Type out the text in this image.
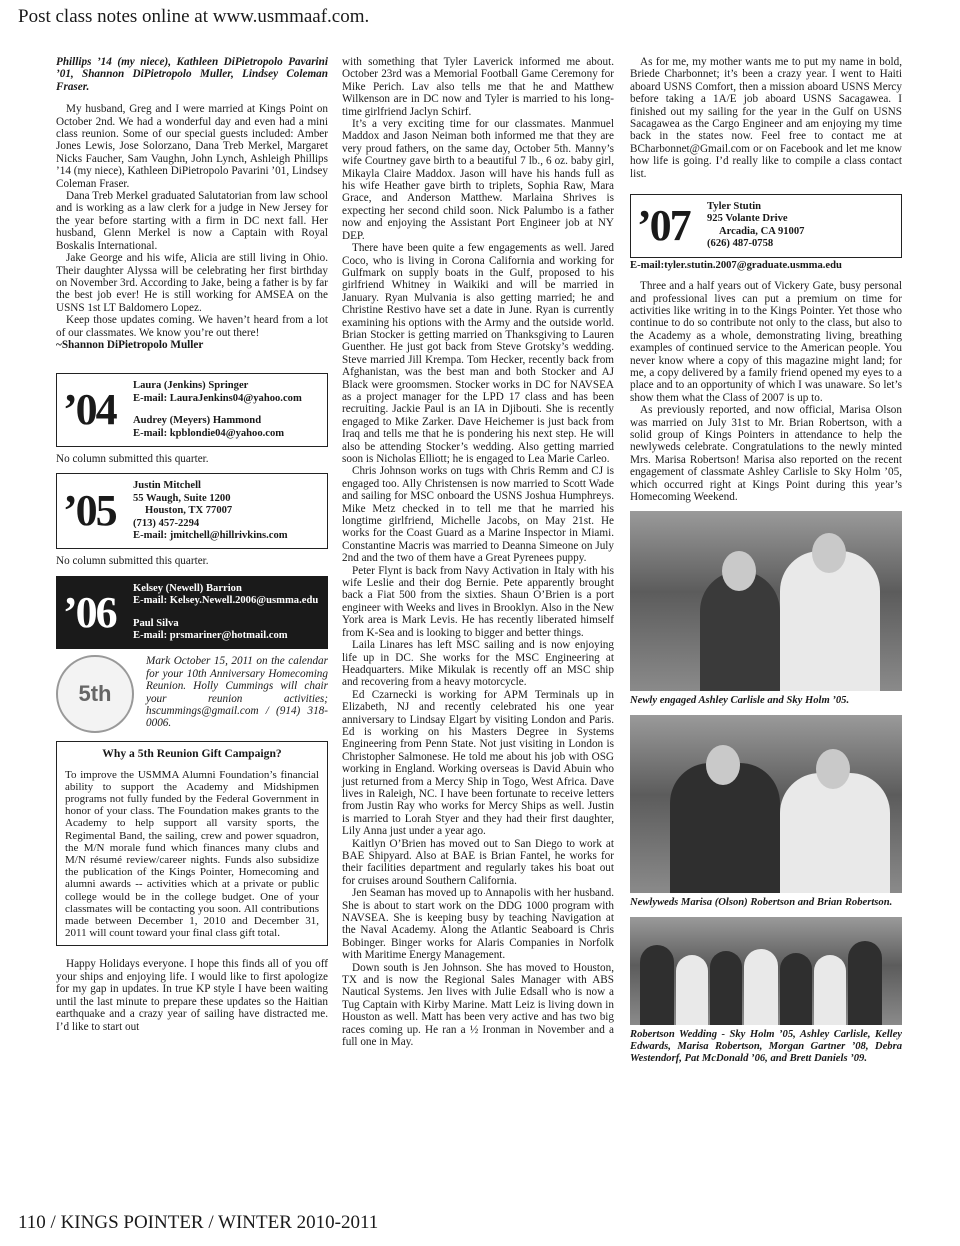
Post class notes online at www.usmmaaf.com.

Phillips ’14 (my niece), Kathleen DiPietropolo Pavarini ’01, Shannon DiPietropolo Muller, Lindsey Coleman Fraser.

My husband, Greg and I were married at Kings Point on October 2nd. We had a wonderful day and even had a mini class reunion. Some of our special guests included: Amber Jones Lewis, Jose Solorzano, Dana Treb Merkel, Margaret Nicks Faucher, Sam Vaughn, John Lynch, Ashleigh Phillips ’14 (my niece), Kathleen DiPietropolo Pavarini ’01, Lindsey Coleman Fraser.

Dana Treb Merkel graduated Salutatorian from law school and is working as a law clerk for a judge in New Jersey for the year before starting with a firm in DC next fall. Her husband, Glenn Merkel is now a Captain with Royal Boskalis International.

Jake George and his wife, Alicia are still living in Ohio. Their daughter Alyssa will be celebrating her first birthday on November 3rd. According to Jake, being a father is by far the best job ever! He is still working for AMSEA on the USNS 1st LT Baldomero Lopez.

Keep those updates coming. We haven’t heard from a lot of our classmates. We know you’re out there!

~Shannon DiPietropolo Muller

’04	Laura (Jenkins) Springer
E-mail: LauraJenkins04@yahoo.com
Audrey (Meyers) Hammond
E-mail: kpblondie04@yahoo.com
No column submitted this quarter.
’05
Justin Mitchell
55 Waugh, Suite 1200
Houston, TX 77007
(713) 457-2294
E-mail: jmitchell@hillrivkins.com
No column submitted this quarter.
’06	Kelsey (Newell) Barrion
E-mail: Kelsey.Newell.2006@usmma.edu
Paul Silva
E-mail: prsmariner@hotmail.com
5th
Mark October 15, 2011 on the calendar for your 10th Anniversary Homecoming Reunion. Holly Cummings will chair your reunion activities; hscummings@gmail.com / (914) 318-0006.
Why a 5th Reunion Gift Campaign?
To improve the USMMA Alumni Foundation’s financial ability to support the Academy and Midshipmen programs not fully funded by the Federal Government in honor of your class. The Foundation makes grants to the Academy to help support all varsity sports, the Regimental Band, the sailing, crew and power squadron, the M/N morale fund which finances many clubs and M/N résumé review/career nights. Funds also subsidize the publication of the Kings Pointer, Homecoming and alumni awards -- activities which at a private or public college would be in the college budget. One of your classmates will be contacting you soon. All contributions made between December 1, 2010 and December 31, 2011 will count toward your final class gift total.

Happy Holidays everyone. I hope this finds all of you off your ships and enjoying life. I would like to first apologize for my gap in updates. In true KP style I have been waiting until the last minute to prepare these updates so the Haitian earthquake and a crazy year of sailing have distracted me. I’d like to start out

with something that Tyler Laverick informed me about. October 23rd was a Memorial Football Game Ceremony for Mike Perich. Lav also tells me that he and Matthew Wilkenson are in DC now and Tyler is married to his long-time girlfriend Jaclyn Schirf.

It’s a very exciting time for our classmates. Manmuel Maddox and Jason Neiman both informed me that they are very proud fathers, on the same day, October 5th. Manny’s wife Courtney gave birth to a beautiful 7 lb., 6 oz. baby girl, Mikayla Claire Maddox. Jason will have his hands full as his wife Heather gave birth to triplets, Sophia Raw, Mara Grace, and Anderson Matthew. Marlaina Shrives is expecting her second child soon. Nick Palumbo is a father now and enjoying the Assistant Port Engineer job at NY DEP.

There have been quite a few engagements as well. Jared Coco, who is living in Corona California and working for Gulfmark on supply boats in the Gulf, proposed to his girlfriend Whitney in Waikiki and will be married in January. Ryan Mulvania is also getting married; he and Christine Restivo have set a date in June. Ryan is currently examining his options with the Army and the outside world. Brian Stocker is getting married on Thanksgiving to Lauren Guenther. He just got back from Steve Grotsky’s wedding. Steve married Jill Krempa. Tom Hecker, recently back from Afghanistan, was the best man and both Stocker and AJ Black were groomsmen. Stocker works in DC for NAVSEA as a project manager for the LPD 17 class and has been recruiting. Jackie Paul is an IA in Djibouti. She is recently engaged to Mike Zarker. Dave Heichemer is just back from Iraq and tells me that he is pondering his next step. He will also be attending Stocker’s wedding. Also getting married soon is Nicholas Elliott; he is engaged to Lea Marie Carleo.

Chris Johnson works on tugs with Chris Remm and CJ is engaged too. Ally Christensen is now married to Scott Wade and sailing for MSC onboard the USNS Joshua Humphreys. Mike Metz checked in to tell me that he married his longtime girlfriend, Michelle Jacobs, on May 21st. He works for the Coast Guard as a Marine Inspector in Miami. Constantine Macris was married to Deanna Simeone on July 2nd and the two of them have a Great Pyrenees puppy.

Peter Flynt is back from Navy Activation in Italy with his wife Leslie and their dog Bernie. Pete apparently brought back a Fiat 500 from the sixties. Shaun O’Brien is a port engineer with Weeks and lives in Brooklyn. Also in the New York area is Mark Levis. He has recently liberated himself from K-Sea and is looking to bigger and better things.

Laila Linares has left MSC sailing and is now enjoying life up in DC. She works for the MSC Engineering at Headquarters. Mike Mikulak is recently off an MSC ship and recovering from a heavy motorcycle.

Ed Czarnecki is working for APM Terminals up in Elizabeth, NJ and recently celebrated his one year anniversary to Lindsay Elgart by visiting London and Paris. Ed is working on his Masters Degree in Systems Engineering from Penn State. Not just visiting in London is Christopher Salmonese. He told me about his job with OSG working in England. Working overseas is David Abuin who just returned from a Mercy Ship in Togo, West Africa. Dave lives in Raleigh, NC. I have been fortunate to receive letters from Justin Ray who works for Mercy Ships as well. Justin is married to Lorah Styer and they had their first daughter, Lily Anna just under a year ago.

Kaitlyn O’Brien has moved out to San Diego to work at BAE Shipyard. Also at BAE is Brian Fantel, he works for their facilities department and regularly takes his boat out for cruises around Southern California.

Jen Seaman has moved up to Annapolis with her husband. She is about to start work on the DDG 1000 program with NAVSEA. She is keeping busy by teaching Navigation at the Naval Academy. Along the Atlantic Seaboard is Chris Bobinger. Binger works for Alaris Companies in Norfolk with Maritime Energy Management.

Down south is Jen Johnson. She has moved to Houston, TX and is now the Regional Sales Manager with ABS Nautical Systems. Jen lives with Julie Edsall who is now a Tug Captain with Kirby Marine. Matt Leiz is living down in Houston as well. Matt has been very active and has two big races coming up. He ran a ½ Ironman in November and a full one in May.

As for me, my mother wants me to put my name in bold, Briede Charbonnet; it’s been a crazy year. I went to Haiti aboard USNS Comfort, then a mission aboard USNS Mercy before taking a 1A/E job aboard USNS Sacagawea. I finished out my sailing for the year in the Gulf on USNS Sacagawea as the Cargo Engineer and am enjoying my time back in the states now. Feel free to contact me at BCharbonnet@Gmail.com or on Facebook and let me know how life is going. I’d really like to compile a class contact list.

’07	Tyler Stutin
925 Volante Drive
Arcadia, CA 91007
(626) 487-0758
E-mail:tyler.stutin.2007@graduate.usmma.edu

Three and a half years out of Vickery Gate, busy personal and professional lives can put a premium on time for activities like writing in to the Kings Pointer. Yet those who continue to do so contribute not only to the class, but also to the Academy as a whole, demonstrating living, breathing examples of continued service to the American people. You never know where a copy of this magazine might land; for me, a copy delivered by a family friend opened my eyes to a place and to an opportunity of which I was unaware. So let’s show them what the Class of 2007 is up to.

As previously reported, and now official, Marisa Olson was married on July 31st to Mr. Brian Robertson, with a solid group of Kings Pointers in attendance to help the newlyweds celebrate. Congratulations to the newly minted Mrs. Marisa Robertson! Marisa also reported on the recent engagement of classmate Ashley Carlisle to Sky Holm ’05, which occurred right at Kings Point during this year’s Homecoming Weekend.

Newly engaged Ashley Carlisle and Sky Holm ’05.
Newlyweds Marisa (Olson) Robertson and Brian Robertson.
Robertson Wedding - Sky Holm ’05, Ashley Carlisle, Kelley Edwards, Marisa Robertson, Morgan Gartner ’08, Debra Westendorf, Pat McDonald ’06, and Brett Daniels ’09.
110 / KINGS POINTER / WINTER 2010-2011
